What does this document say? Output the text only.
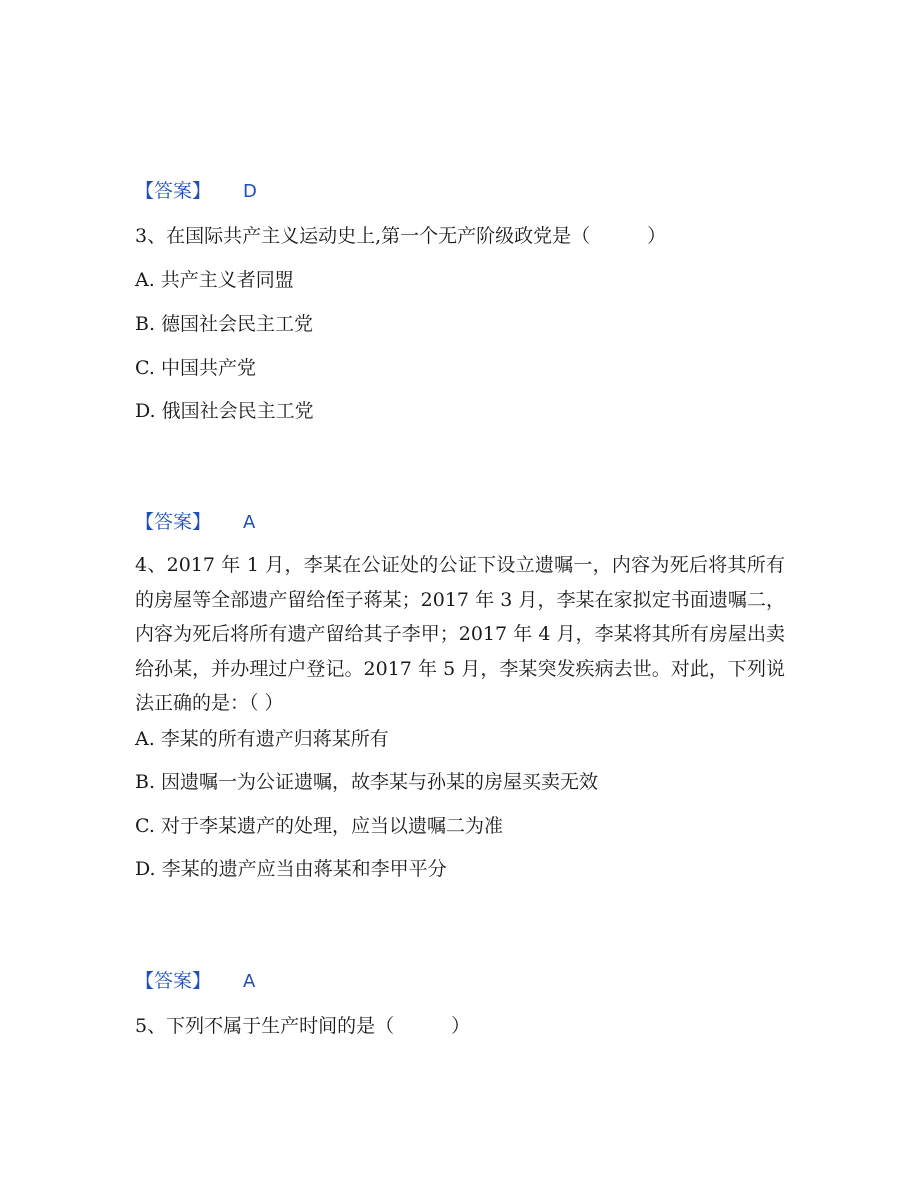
【答案】 D
3、在国际共产主义运动史上,第一个无产阶级政党是（　　　）
A. 共产主义者同盟
B. 德国社会民主工党
C. 中国共产党
D. 俄国社会民主工党
【答案】 A
4、2017 年 1 月，李某在公证处的公证下设立遗嘱一，内容为死后将其所有的房屋等全部遗产留给侄子蒋某；2017 年 3 月，李某在家拟定书面遗嘱二，内容为死后将所有遗产留给其子李甲；2017 年 4 月，李某将其所有房屋出卖给孙某，并办理过户登记。2017 年 5 月，李某突发疾病去世。对此，下列说法正确的是：（ ）
A. 李某的所有遗产归蒋某所有
B. 因遗嘱一为公证遗嘱，故李某与孙某的房屋买卖无效
C. 对于李某遗产的处理，应当以遗嘱二为准
D. 李某的遗产应当由蒋某和李甲平分
【答案】 A
5、下列不属于生产时间的是（　　　）
